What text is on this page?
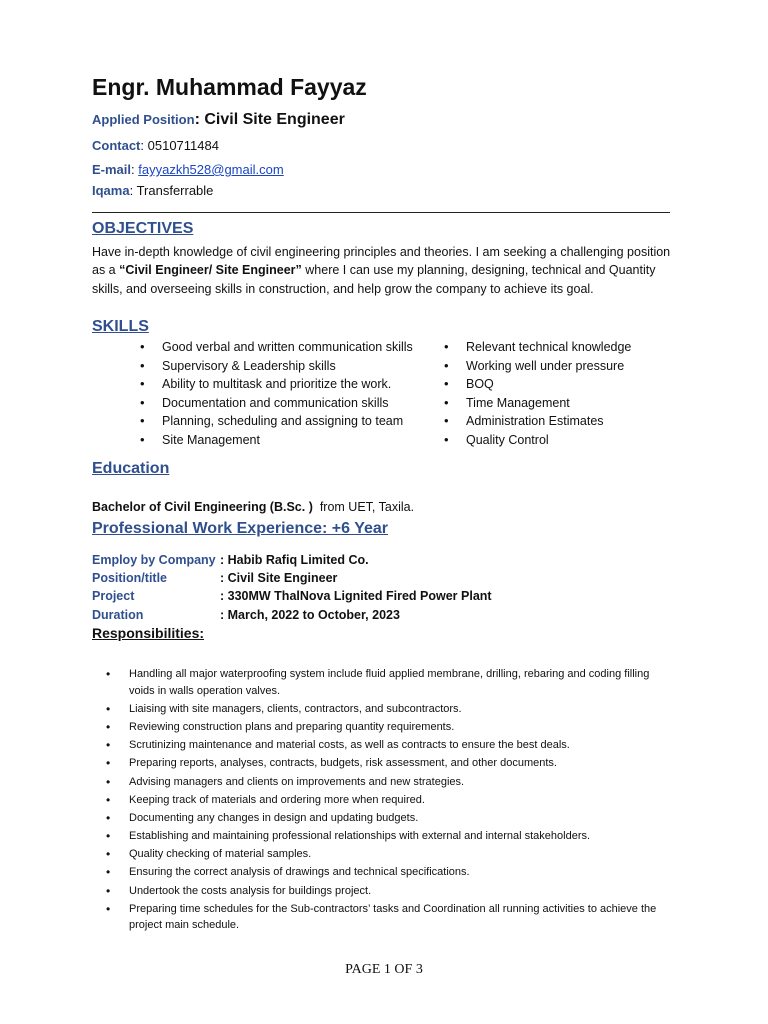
Engr. Muhammad Fayyaz
Applied Position: Civil Site Engineer
Contact: 0510711484
E-mail: fayyazkh528@gmail.com
Iqama: Transferrable
OBJECTIVES
Have in-depth knowledge of civil engineering principles and theories. I am seeking a challenging position as a “Civil Engineer/ Site Engineer” where I can use my planning, designing, technical and Quantity skills, and overseeing skills in construction, and help grow the company to achieve its goal.
SKILLS
• Good verbal and written communication skills
• Supervisory & Leadership skills
• Ability to multitask and prioritize the work.
• Documentation and communication skills
• Planning, scheduling and assigning to team
• Site Management
• Relevant technical knowledge
• Working well under pressure
• BOQ
• Time Management
• Administration Estimates
• Quality Control
Education
Bachelor of Civil Engineering (B.Sc. ) from UET, Taxila.
Professional Work Experience: +6 Year
Employ by Company : Habib Rafiq Limited Co.
Position/title	: Civil Site Engineer
Project	: 330MW ThalNova Lignited Fired Power Plant
Duration	: March, 2022 to October, 2023
Responsibilities:
• Handling all major waterproofing system include fluid applied membrane, drilling, rebaring and coding filling voids in walls operation valves.
• Liaising with site managers, clients, contractors, and subcontractors.
• Reviewing construction plans and preparing quantity requirements.
• Scrutinizing maintenance and material costs, as well as contracts to ensure the best deals.
• Preparing reports, analyses, contracts, budgets, risk assessment, and other documents.
• Advising managers and clients on improvements and new strategies.
• Keeping track of materials and ordering more when required.
• Documenting any changes in design and updating budgets.
• Establishing and maintaining professional relationships with external and internal stakeholders.
• Quality checking of material samples.
• Ensuring the correct analysis of drawings and technical specifications.
• Undertook the costs analysis for buildings project.
• Preparing time schedules for the Sub-contractors’ tasks and Coordination all running activities to achieve the project main schedule.
PAGE 1 OF 3
